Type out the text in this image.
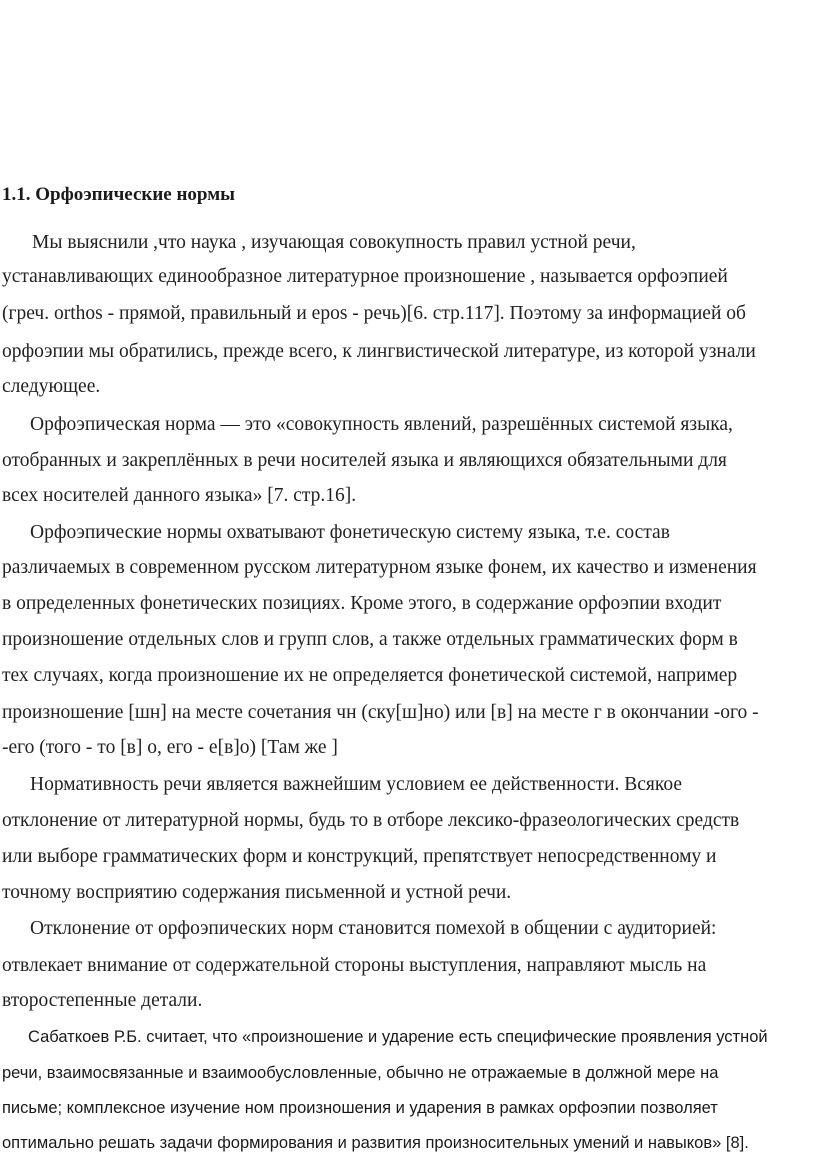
1.1. Орфоэпические нормы
Мы выяснили ,что наука , изучающая совокупность правил устной речи,
устанавливающих единообразное литературное произношение , называется орфоэпией
(греч. orthos - прямой, правильный и epos - речь)[6. стр.117]. Поэтому за информацией об
орфоэпии мы обратились, прежде всего, к лингвистической литературе, из которой узнали
следующее.
Орфоэпическая норма — это «совокупность явлений, разрешённых системой языка,
отобранных и закреплённых в речи носителей языка и являющихся обязательными для
всех носителей данного языка» [7. стр.16].
Орфоэпические нормы охватывают фонетическую систему языка, т.е. состав
различаемых в современном русском литературном языке фонем, их качество и изменения
в определенных фонетических позициях. Кроме этого, в содержание орфоэпии входит
произношение отдельных слов и групп слов, а также отдельных грамматических форм в
тех случаях, когда произношение их не определяется фонетической системой, например
произношение [шн] на месте сочетания чн (ску[ш]но) или [в] на месте г в окончании -ого -
-его (того - то [в] о, его - е[в]о) [Там же ]
Нормативность речи является важнейшим условием ее действенности. Всякое
отклонение от литературной нормы, будь то в отборе лексико-фразеологических средств
или выборе грамматических форм и конструкций, препятствует непосредственному и
точному восприятию содержания письменной и устной речи.
Отклонение от орфоэпических норм становится помехой в общении с аудиторией:
отвлекает внимание от содержательной стороны выступления, направляют мысль на
второстепенные детали.
Сабаткоев Р.Б. считает, что «произношение и ударение есть специфические проявления устной
речи, взаимосвязанные и взаимообусловленные, обычно не отражаемые в должной мере на
письме; комплексное изучение ном произношения и ударения в рамках орфоэпии позволяет
оптимально решать задачи формирования и развития произносительных умений и навыков» [8].
